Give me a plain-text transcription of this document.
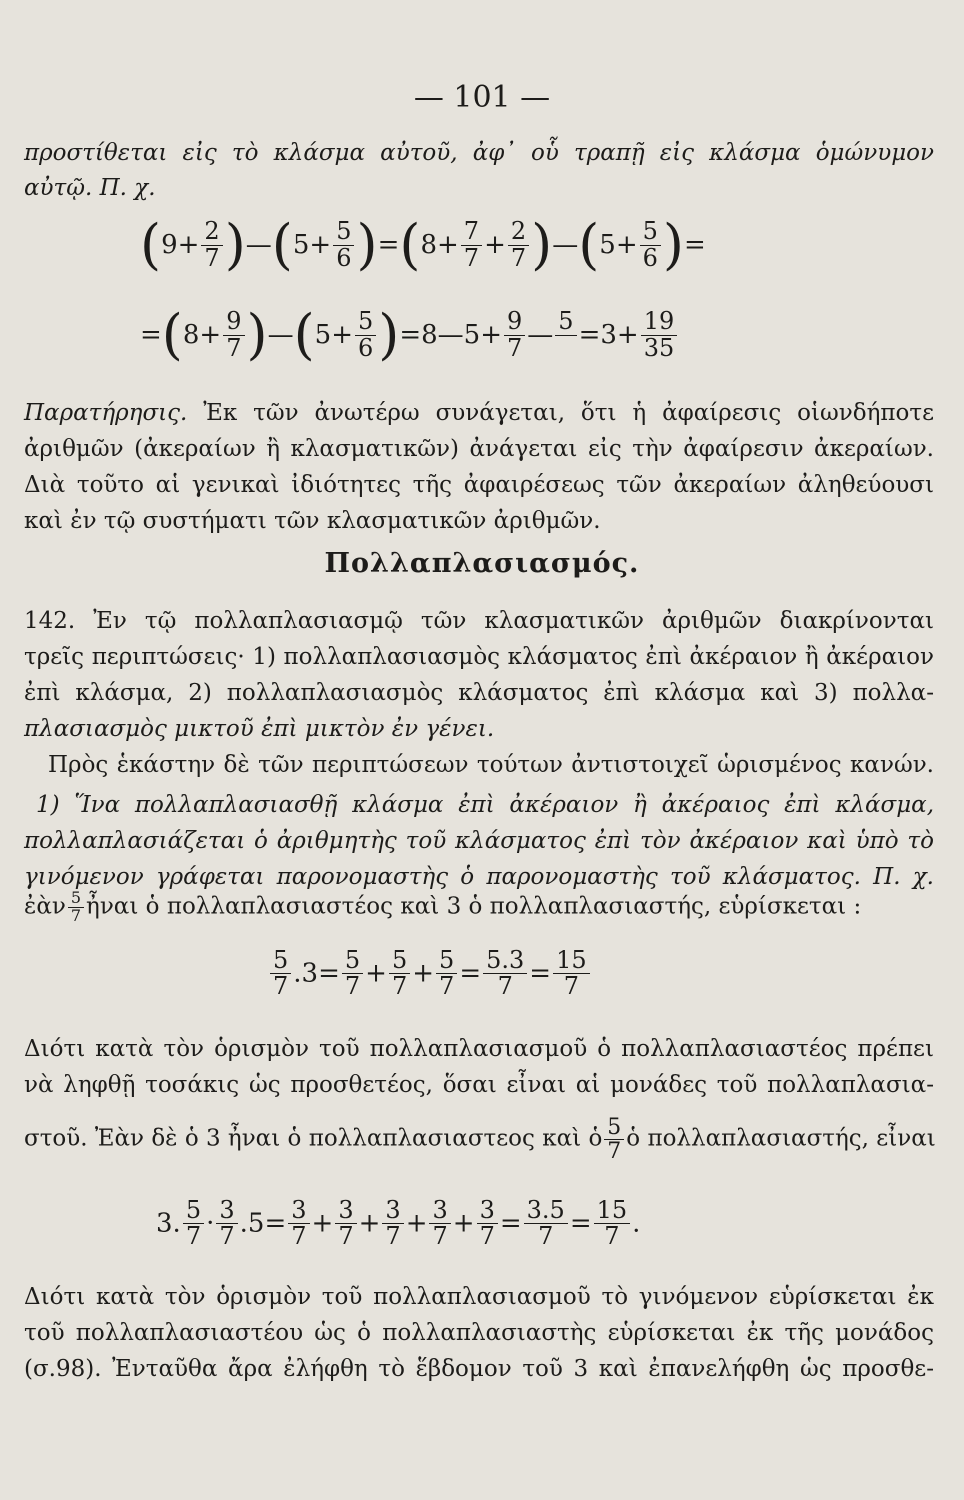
— 101 —
προστίθεται εἰς τὸ κλάσμα αὐτοῦ, ἀφ᾽ οὗ τραπῇ εἰς κλάσμα ὁμώνυμον
αὐτῷ. Π. χ.
($9+ \frac{2}{7}$ )—(5+ $\frac{5}{6} )=(8+ \frac{7}{7} + \frac{2}{7}$ )—(5+ $\frac{5}{6}$ )=
$=(8+ \frac{9}{7}$ )—(5+ $\frac{5}{6}$ )=8—5+ $\frac{9}{7}$ — 5
$=3+ \frac{19}{35}$
Παρατήρησις. Ἐκ τῶν ἀνωτέρω συνάγεται, ὅτι ἡ ἀφαίρεσις οἱωνδήποτε
ἀριθμῶν (ἀκεραίων ἢ κλασματικῶν) ἀνάγεται εἰς τὴν ἀφαίρεσιν ἀκεραίων.
Διὰ τοῦτο αἱ γενικαὶ ἰδιότητες τῆς ἀφαιρέσεως τῶν ἀκεραίων ἀληθεύουσι
καὶ ἐν τῷ συστήματι τῶν κλασματικῶν ἀριθμῶν.
Πολλαπλασιασμός.
142. Ἐν τῷ πολλαπλασιασμῷ τῶν κλασματικῶν ἀριθμῶν διακρίνονται
τρεῖς περιπτώσεις· 1) πολλαπλασιασμὸς κλάσματος ἐπὶ ἀκέραιον ἢ ἀκέραιον
ἐπὶ κλάσμα, 2) πολλαπλασιασμὸς κλάσματος ἐπὶ κλάσμα καὶ 3) πολλα-
πλασιασμὸς μικτοῦ ἐπὶ μικτὸν ἐν γένει.
Πρὸς ἑκάστην δὲ τῶν περιπτώσεων τούτων ἀντιστοιχεῖ ὡρισμένος κανών.
1) Ἵνα πολλαπλασιασθῇ κλάσμα ἐπὶ ἀκέραιον ἢ ἀκέραιος ἐπὶ κλάσμα,
πολλαπλασιάζεται ὁ ἀριθμητὴς τοῦ κλάσματος ἐπὶ τὸν ἀκέραιον καὶ ὑπὸ τὸ
γινόμενον γράφεται παρονομαστὴς ὁ παρονομαστὴς τοῦ κλάσματος. Π. χ.
ἐὰν $\frac{5}{7}$ ἦναι ὁ πολλαπλασιαστέος καὶ 3 ὁ πολλαπλασιαστής, εὑρίσκεται :
$\frac{5}{7} .3= \frac{5}{7} + \frac{5}{7} + \frac{5}{7} = \frac{5.3}{7} = \frac{15}{7}$
Διότι κατὰ τὸν ὁρισμὸν τοῦ πολλαπλασιασμοῦ ὁ πολλαπλασιαστέος πρέπει
νὰ ληφθῇ τοσάκις ὡς προσθετέος, ὅσαι εἶναι αἱ μονάδες τοῦ πολλαπλασια-
στοῦ. Ἐὰν δὲ ὁ 3 ἦναι ὁ πολλαπλασιαστεος καὶ ὁ $\frac{5}{7}$ ὁ πολλαπλασιαστής, εἶναι
3. $\frac{5}{7} \cdot \frac{3}{7} .5= \frac{3}{7} + \frac{3}{7} + \frac{3}{7} + \frac{3}{7} + \frac{3}{7} = \frac{3.5}{7} = \frac{15}{7}$ .
Διότι κατὰ τὸν ὁρισμὸν τοῦ πολλαπλασιασμοῦ τὸ γινόμενον εὑρίσκεται ἐκ
τοῦ πολλαπλασιαστέου ὡς ὁ πολλαπλασιαστὴς εὑρίσκεται ἐκ τῆς μονάδος
(σ.98). Ἐνταῦθα ἄρα ἐλήφθη τὸ ἕβδομον τοῦ 3 καὶ ἐπανελήφθη ὡς προσθε-
